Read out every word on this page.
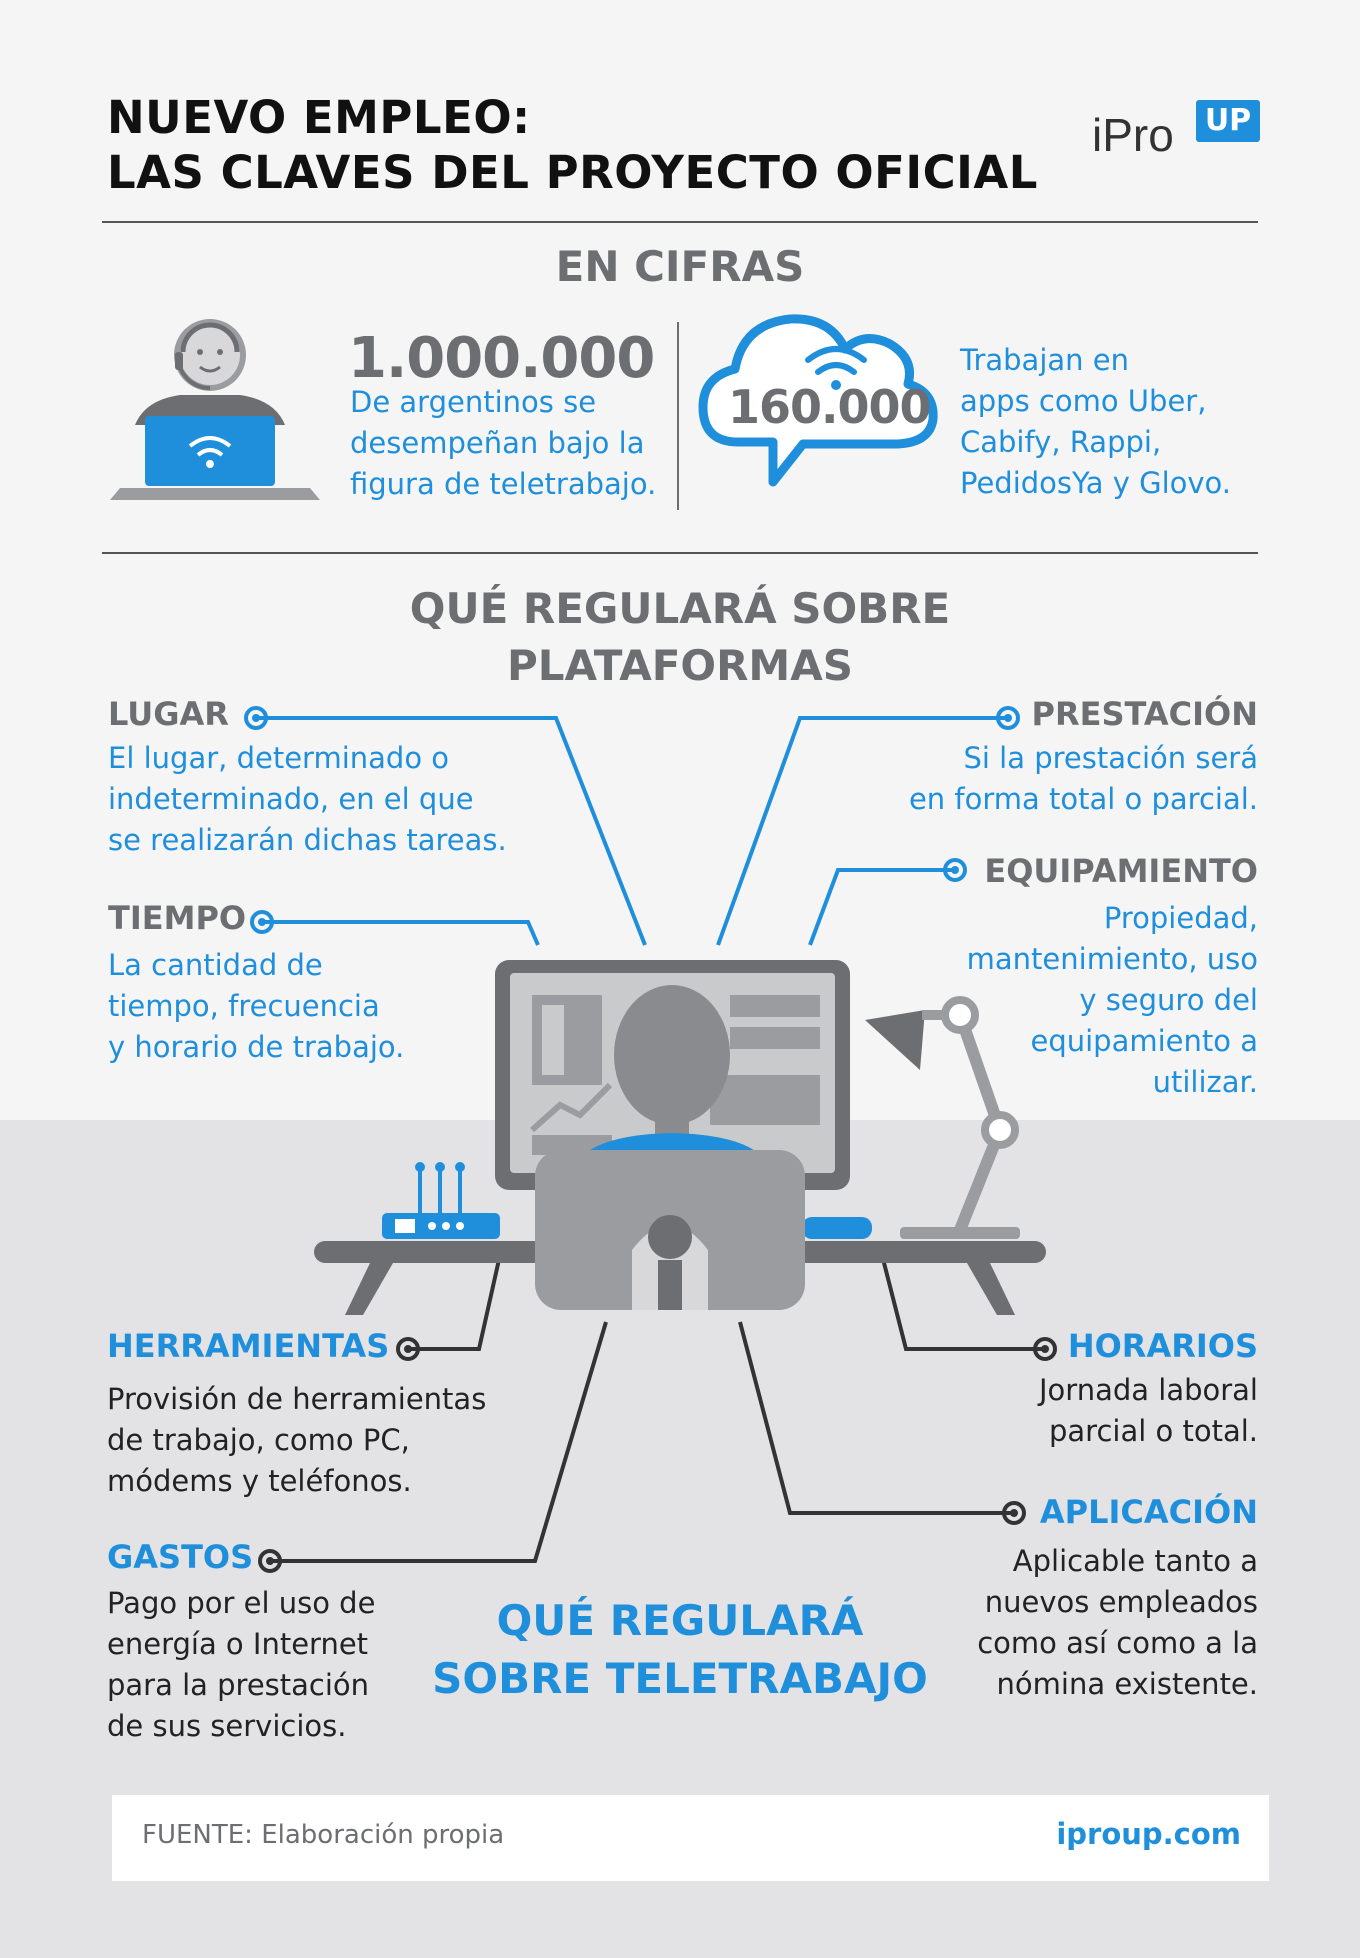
NUEVO EMPLEO:
LAS CLAVES DEL PROYECTO OFICIAL
iPro UP
EN CIFRAS
1.000.000
De argentinos se
desempeñan bajo la
figura de teletrabajo.
160.000
Trabajan en
apps como Uber,
Cabify, Rappi,
PedidosYa y Glovo.
QUÉ REGULARÁ SOBRE
PLATAFORMAS
LUGAR
El lugar, determinado o
indeterminado, en el que
se realizarán dichas tareas.
TIEMPO
La cantidad de
tiempo, frecuencia
y horario de trabajo.
PRESTACIÓN
Si la prestación será
en forma total o parcial.
EQUIPAMIENTO
Propiedad,
mantenimiento, uso
y seguro del
equipamiento a
utilizar.
HERRAMIENTAS
Provisión de herramientas
de trabajo, como PC,
módems y teléfonos.
GASTOS
Pago por el uso de
energía o Internet
para la prestación
de sus servicios.
HORARIOS
Jornada laboral
parcial o total.
APLICACIÓN
Aplicable tanto a
nuevos empleados
como así como a la
nómina existente.
QUÉ REGULARÁ
SOBRE TELETRABAJO
FUENTE: Elaboración propia	iproup.com
